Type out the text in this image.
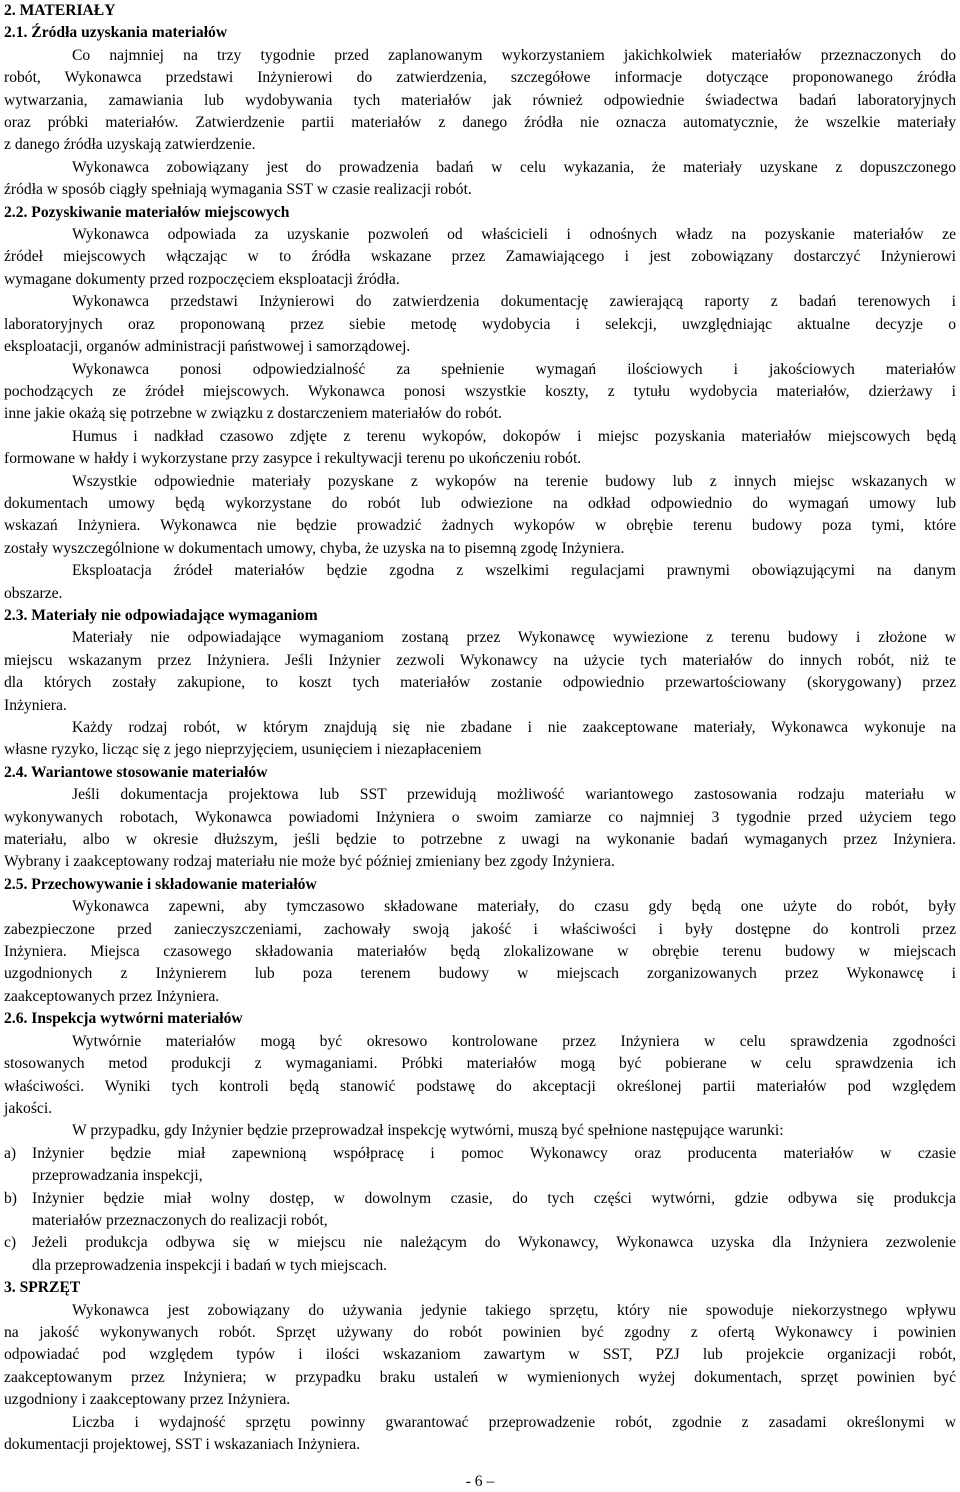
2. MATERIAŁY
2.1. Źródła uzyskania materiałów
Co najmniej na trzy tygodnie przed zaplanowanym wykorzystaniem jakichkolwiek materiałów przeznaczonych do
robót, Wykonawca przedstawi Inżynierowi do zatwierdzenia, szczegółowe informacje dotyczące proponowanego źródła
wytwarzania, zamawiania lub wydobywania tych materiałów jak również odpowiednie świadectwa badań laboratoryjnych
oraz próbki materiałów. Zatwierdzenie partii materiałów z danego źródła nie oznacza automatycznie, że wszelkie materiały
z danego źródła uzyskają zatwierdzenie.
Wykonawca zobowiązany jest do prowadzenia badań w celu wykazania, że materiały uzyskane z dopuszczonego
źródła w sposób ciągły spełniają wymagania SST w czasie realizacji robót.
2.2. Pozyskiwanie materiałów miejscowych
Wykonawca odpowiada za uzyskanie pozwoleń od właścicieli i odnośnych władz na pozyskanie materiałów ze
źródeł miejscowych włączając w to źródła wskazane przez Zamawiającego i jest zobowiązany dostarczyć Inżynierowi
wymagane dokumenty przed rozpoczęciem eksploatacji źródła.
Wykonawca przedstawi Inżynierowi do zatwierdzenia dokumentację zawierającą raporty z badań terenowych i
laboratoryjnych oraz proponowaną przez siebie metodę wydobycia i selekcji, uwzględniając aktualne decyzje o
eksploatacji, organów administracji państwowej i samorządowej.
Wykonawca ponosi odpowiedzialność za spełnienie wymagań ilościowych i jakościowych materiałów
pochodzących ze źródeł miejscowych. Wykonawca ponosi wszystkie koszty, z tytułu wydobycia materiałów, dzierżawy i
inne jakie okażą się potrzebne w związku z dostarczeniem materiałów do robót.
Humus i nadkład czasowo zdjęte z terenu wykopów, dokopów i miejsc pozyskania materiałów miejscowych będą
formowane w hałdy i wykorzystane przy zasypce i rekultywacji terenu po ukończeniu robót.
Wszystkie odpowiednie materiały pozyskane z wykopów na terenie budowy lub z innych miejsc wskazanych w
dokumentach umowy będą wykorzystane do robót lub odwiezione na odkład odpowiednio do wymagań umowy lub
wskazań Inżyniera. Wykonawca nie będzie prowadzić żadnych wykopów w obrębie terenu budowy poza tymi, które
zostały wyszczególnione w dokumentach umowy, chyba, że uzyska na to pisemną zgodę Inżyniera.
Eksploatacja źródeł materiałów będzie zgodna z wszelkimi regulacjami prawnymi obowiązującymi na danym
obszarze.
2.3. Materiały nie odpowiadające wymaganiom
Materiały nie odpowiadające wymaganiom zostaną przez Wykonawcę wywiezione z terenu budowy i złożone w
miejscu wskazanym przez Inżyniera. Jeśli Inżynier zezwoli Wykonawcy na użycie tych materiałów do innych robót, niż te
dla których zostały zakupione, to koszt tych materiałów zostanie odpowiednio przewartościowany (skorygowany) przez
Inżyniera.
Każdy rodzaj robót, w którym znajdują się nie zbadane i nie zaakceptowane materiały, Wykonawca wykonuje na
własne ryzyko, licząc się z jego nieprzyjęciem, usunięciem i niezapłaceniem
2.4. Wariantowe stosowanie materiałów
Jeśli dokumentacja projektowa lub SST przewidują możliwość wariantowego zastosowania rodzaju materiału w
wykonywanych robotach, Wykonawca powiadomi Inżyniera o swoim zamiarze co najmniej 3 tygodnie przed użyciem tego
materiału, albo w okresie dłuższym, jeśli będzie to potrzebne z uwagi na wykonanie badań wymaganych przez Inżyniera.
Wybrany i zaakceptowany rodzaj materiału nie może być później zmieniany bez zgody Inżyniera.
2.5. Przechowywanie i składowanie materiałów
Wykonawca zapewni, aby tymczasowo składowane materiały, do czasu gdy będą one użyte do robót, były
zabezpieczone przed zanieczyszczeniami, zachowały swoją jakość i właściwości i były dostępne do kontroli przez
Inżyniera. Miejsca czasowego składowania materiałów będą zlokalizowane w obrębie terenu budowy w miejscach
uzgodnionych z Inżynierem lub poza terenem budowy w miejscach zorganizowanych przez Wykonawcę i
zaakceptowanych przez Inżyniera.
2.6. Inspekcja wytwórni materiałów
Wytwórnie materiałów mogą być okresowo kontrolowane przez Inżyniera w celu sprawdzenia zgodności
stosowanych metod produkcji z wymaganiami. Próbki materiałów mogą być pobierane w celu sprawdzenia ich
właściwości. Wyniki tych kontroli będą stanowić podstawę do akceptacji określonej partii materiałów pod względem
jakości.
W przypadku, gdy Inżynier będzie przeprowadzał inspekcję wytwórni, muszą być spełnione następujące warunki:
a) Inżynier będzie miał zapewnioną współpracę i pomoc Wykonawcy oraz producenta materiałów w czasie
przeprowadzania inspekcji,
b) Inżynier będzie miał wolny dostęp, w dowolnym czasie, do tych części wytwórni, gdzie odbywa się produkcja
materiałów przeznaczonych do realizacji robót,
c) Jeżeli produkcja odbywa się w miejscu nie należącym do Wykonawcy, Wykonawca uzyska dla Inżyniera zezwolenie
dla przeprowadzenia inspekcji i badań w tych miejscach.
3. SPRZĘT
Wykonawca jest zobowiązany do używania jedynie takiego sprzętu, który nie spowoduje niekorzystnego wpływu
na jakość wykonywanych robót. Sprzęt używany do robót powinien być zgodny z ofertą Wykonawcy i powinien
odpowiadać pod względem typów i ilości wskazaniom zawartym w SST, PZJ lub projekcie organizacji robót,
zaakceptowanym przez Inżyniera; w przypadku braku ustaleń w wymienionych wyżej dokumentach, sprzęt powinien być
uzgodniony i zaakceptowany przez Inżyniera.
Liczba i wydajność sprzętu powinny gwarantować przeprowadzenie robót, zgodnie z zasadami określonymi w
dokumentacji projektowej, SST i wskazaniach Inżyniera.
- 6 –
